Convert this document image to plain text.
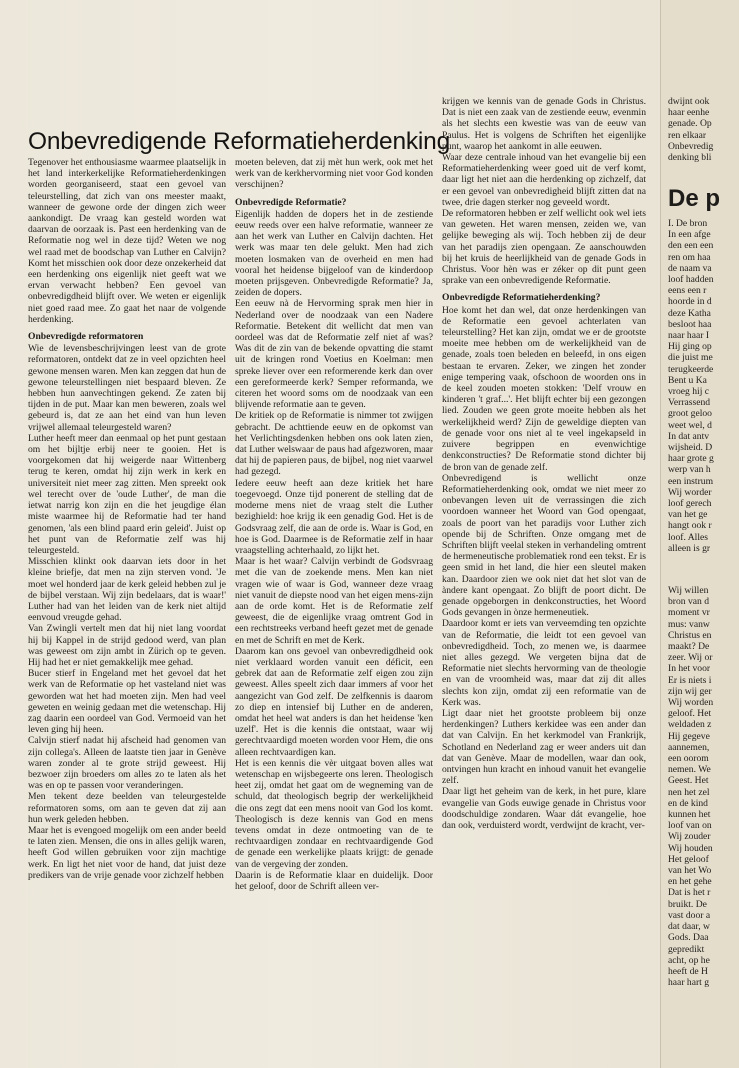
Onbevredigende Reformatieherdenking

Tegenover het enthousiasme waarmee plaatselijk in het land interkerkelijke Reformatieherdenkingen worden georganiseerd, staat een gevoel van teleurstelling, dat zich van ons meester maakt, wanneer de gewone orde der dingen zich weer aankondigt. De vraag kan gesteld worden wat daarvan de oorzaak is. Past een herdenking van de Reformatie nog wel in deze tijd? Weten we nog wel raad met de boodschap van Luther en Calvijn? Komt het misschien ook door deze onzekerheid dat een herdenking ons eigenlijk niet geeft wat we ervan verwacht hebben? Een gevoel van onbevredigdheid blijft over. We weten er eigenlijk niet goed raad mee. Zo gaat het naar de volgende herdenking.

Onbevredigde reformatoren

Wie de levensbeschrijvingen leest van de grote reformatoren, ontdekt dat ze in veel opzichten heel gewone mensen waren. Men kan zeggen dat hun de gewone teleurstellingen niet bespaard bleven. Ze hebben hun aanvechtingen gekend. Ze zaten bij tijden in de put. Maar kan men beweren, zoals wel gebeurd is, dat ze aan het eind van hun leven vrijwel allemaal teleurgesteld waren?

Luther heeft meer dan eenmaal op het punt gestaan om het bijltje erbij neer te gooien. Het is voorgekomen dat hij weigerde naar Wittenberg terug te keren, omdat hij zijn werk in kerk en universiteit niet meer zag zitten. Men spreekt ook wel terecht over de 'oude Luther', de man die ietwat narrig kon zijn en die het jeugdige élan miste waarmee hij de Reformatie had ter hand genomen, 'als een blind paard erin geleid'. Juist op het punt van de Reformatie zelf was hij teleurgesteld.

Misschien klinkt ook daarvan iets door in het kleine briefje, dat men na zijn sterven vond. 'Je moet wel honderd jaar de kerk geleid hebben zul je de bijbel verstaan. Wij zijn bedelaars, dat is waar!' Luther had van het leiden van de kerk niet altijd eenvoud vreugde gehad.

Van Zwingli vertelt men dat hij niet lang voordat hij bij Kappel in de strijd gedood werd, van plan was geweest om zijn ambt in Zürich op te geven. Hij had het er niet gemakkelijk mee gehad.

Bucer stierf in Engeland met het gevoel dat het werk van de Reformatie op het vasteland niet was geworden wat het had moeten zijn. Men had veel geweten en weinig gedaan met die wetenschap. Hij zag daarin een oordeel van God. Vermoeid van het leven ging hij heen.

Calvijn stierf nadat hij afscheid had genomen van zijn collega's. Alleen de laatste tien jaar in Genève waren zonder al te grote strijd geweest. Hij bezwoer zijn broeders om alles zo te laten als het was en op te passen voor veranderingen.

Men tekent deze beelden van teleurgestelde reformatoren soms, om aan te geven dat zij aan hun werk geleden hebben.

Maar het is evengoed mogelijk om een ander beeld te laten zien. Mensen, die ons in alles gelijk waren, heeft God willen gebruiken voor zijn machtige werk. En ligt het niet voor de hand, dat juist deze predikers van de vrije genade voor zichzelf hebben

moeten beleven, dat zij mèt hun werk, ook met het werk van de kerkhervorming niet voor God konden verschijnen?

Onbevredigde Reformatie?

Eigenlijk hadden de dopers het in de zestiende eeuw reeds over een halve reformatie, wanneer ze aan het werk van Luther en Calvijn dachten. Het werk was maar ten dele gelukt. Men had zich moeten losmaken van de overheid en men had vooral het heidense bijgeloof van de kinderdoop moeten prijsgeven. Onbevredigde Reformatie? Ja, zeiden de dopers.

Een eeuw nà de Hervorming sprak men hier in Nederland over de noodzaak van een Nadere Reformatie. Betekent dit wellicht dat men van oordeel was dat de Reformatie zelf niet af was? Was dit de zin van de bekende opvatting die stamt uit de kringen rond Voetius en Koelman: men spreke liever over een reformerende kerk dan over een gereformeerde kerk? Semper reformanda, we citeren het woord soms om de noodzaak van een blijvende reformatie aan te geven.

De kritiek op de Reformatie is nimmer tot zwijgen gebracht. De achttiende eeuw en de opkomst van het Verlichtingsdenken hebben ons ook laten zien, dat Luther welswaar de paus had afgezworen, maar dat hij de papieren paus, de bijbel, nog niet vaarwel had gezegd.

Iedere eeuw heeft aan deze kritiek het hare toegevoegd. Onze tijd ponerent de stelling dat de moderne mens niet de vraag stelt die Luther bezighield: hoe krijg ik een genadig God. Het is de Godsvraag zelf, die aan de orde is. Waar is God, en hoe is God. Daarmee is de Reformatie zelf in haar vraagstelling achterhaald, zo lijkt het.

Maar is het waar? Calvijn verbindt de Godsvraag met die van de zoekende mens. Men kan niet vragen wie of waar is God, wanneer deze vraag niet vanuit de diepste nood van het eigen mens-zijn aan de orde komt. Het is de Reformatie zelf geweest, die de eigenlijke vraag omtrent God in een rechtstreeks verband heeft gezet met de genade en met de Schrift en met de Kerk.

Daarom kan ons gevoel van onbevredigdheid ook niet verklaard worden vanuit een déficit, een gebrek dat aan de Reformatie zelf eigen zou zijn geweest. Alles speelt zich daar immers af voor het aangezicht van God zelf. De zelfkennis is daarom zo diep en intensief bij Luther en de anderen, omdat het heel wat anders is dan het heidense 'ken uzelf'. Het is die kennis die ontstaat, waar wij gerechtvaardigd moeten worden voor Hem, die ons alleen rechtvaardigen kan.

Het is een kennis die vèr uitgaat boven alles wat wetenschap en wijsbegeerte ons leren. Theologisch heet zij, omdat het gaat om de wegneming van de schuld, dat theologisch begrip der werkelijkheid die ons zegt dat een mens nooit van God los komt. Theologisch is deze kennis van God en mens tevens omdat in deze ontmoeting van de te rechtvaardigen zondaar en rechtvaardigende God de genade een werkelijke plaats krijgt: de genade van de vergeving der zonden.

Daarin is de Reformatie klaar en duidelijk. Door het geloof, door de Schrift alleen ver-

krijgen we kennis van de genade Gods in Christus. Dat is niet een zaak van de zestiende eeuw, evenmin als het slechts een kwestie was van de eeuw van Paulus. Het is volgens de Schriften het eigenlijke punt, waarop het aankomt in alle eeuwen.

Waar deze centrale inhoud van het evangelie bij een Reformatieherdenking weer goed uit de verf komt, daar ligt het niet aan die herdenking op zichzelf, dat er een gevoel van onbevredigheid blijft zitten dat na twee, drie dagen sterker nog geveeld wordt.

De reformatoren hebben er zelf wellicht ook wel iets van geweten. Het waren mensen, zeiden we, van gelijke beweging als wij. Toch hebben zij de deur van het paradijs zien opengaan. Ze aanschouwden bij het kruis de heerlijkheid van de genade Gods in Christus. Voor hèn was er zéker op dit punt geen sprake van een onbevredigende Reformatie.

Onbevredigde Reformatieherdenking?

Hoe komt het dan wel, dat onze herdenkingen van de Reformatie een gevoel achterlaten van teleurstelling? Het kan zijn, omdat we er de grootste moeite mee hebben om de werkelijkheid van de genade, zoals toen beleden en beleefd, in ons eigen bestaan te ervaren. Zeker, we zingen het zonder enige tempering vaak, ofschoon de woorden ons in de keel zouden moeten stokken: 'Delf vrouw en kinderen 't graf...'. Het blijft echter bij een gezongen lied. Zouden we geen grote moeite hebben als het werkelijkheid werd? Zijn de geweldige diepten van de genade voor ons niet al te veel ingekapseld in zuivere begrippen en evenwichtige denkconstructies? De Reformatie stond dichter bij de bron van de genade zelf.

Onbevredigend is wellicht onze Reformatieherdenking ook, omdat we niet meer zo onbevangen leven uit de verrassingen die zich voordoen wanneer het Woord van God opengaat, zoals de poort van het paradijs voor Luther zich opende bij de Schriften. Onze omgang met de Schriften blijft veelal steken in verhandeling omtrent de hermeneutische problematiek rond een tekst. Er is geen smid in het land, die hier een sleutel maken kan. Daardoor zien we ook niet dat het slot van de àndere kant opengaat. Zo blijft de poort dicht. De genade opgeborgen in denkconstructies, het Woord Gods gevangen in ònze hermeneutiek.

Daardoor komt er iets van verveemding ten opzichte van de Reformatie, die leidt tot een gevoel van onbevredigdheid. Toch, zo menen we, is daarmee niet alles gezegd. We vergeten bijna dat de Reformatie niet slechts hervorming van de theologie en van de vroomheid was, maar dat zij dit alles slechts kon zijn, omdat zij een reformatie van de Kerk was.

Ligt daar niet het grootste probleem bij onze herdenkingen? Luthers kerkidee was een ander dan dat van Calvijn. En het kerkmodel van Frankrijk, Schotland en Nederland zag er weer anders uit dan dat van Genève. Maar de modellen, waar dan ook, ontvingen hun kracht en inhoud vanuit het evangelie zelf.

Daar ligt het geheim van de kerk, in het pure, klare evangelie van Gods euwige genade in Christus voor doodschuldige zondaren. Waar dát evangelie, hoe dan ook, verduisterd wordt, verdwijnt de kracht, ver-

De p
dwijnt ook
haar eenhe
genade. Op
ren elkaar
Onbevredig
denking bli
I. De bron
In een afge
den een een
ren om haa
de naam va
loof hadden
eens een r
hoorde in d
deze Katha
besloot haa
naar haar I
Hij ging op
die juist me
terugkeerde
Bent u Ka
vroeg hij c
Verrassend
groot geloo
weet wel, d
In dat antv
wijsheid. D
haar grote g
werp van h
een instrum
Wij worder
loof gerech
van het ge
hangt ook r
loof. Alles
alleen is gr
Wij willen
bron van d
moment vr
mus: vanw
Christus en
maakt? De
zeer. Wij or
In het voor
Er is niets i
zijn wij ger
Wij worden
geloof. Het
weldaden z
Hij gegeve
aannemen,
een oorom
nemen. We
Geest. Het
nen het zel
en de kind
kunnen het
loof van on
Wij zouder
Wij houden
Het geloof
van het Wo
en het gehe
Dat is het r
bruikt. De
vast door a
dat daar, w
Gods. Daa
gepredikt
acht, op he
heeft de H
haar hart g
